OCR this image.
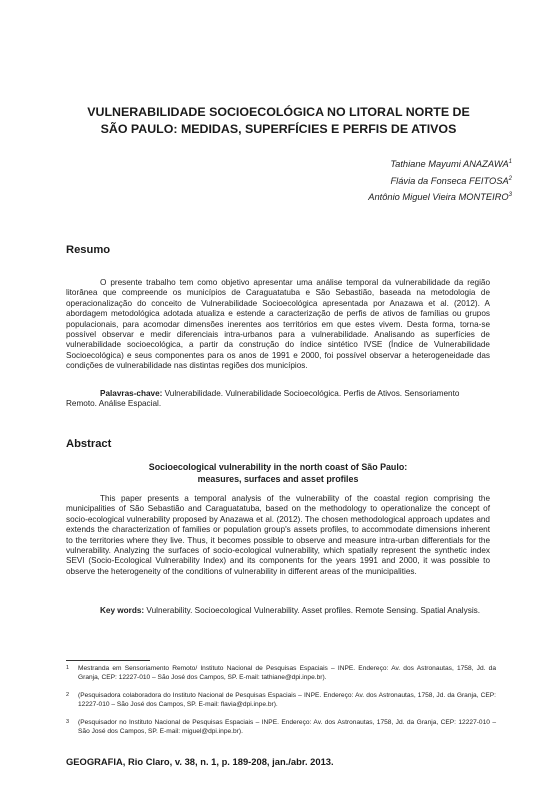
VULNERABILIDADE SOCIOECOLÓGICA NO LITORAL NORTE DE
SÃO PAULO: MEDIDAS, SUPERFÍCIES E PERFIS DE ATIVOS
Tathiane Mayumi ANAZAWA$^1$
Flávia da Fonseca FEITOSA$^2$
Antônio Miguel Vieira MONTEIRO$^3$
Resumo

O presente trabalho tem como objetivo apresentar uma análise temporal da vulnerabilidade da região litorânea que compreende os municípios de Caraguatatuba e São Sebastião, baseada na metodologia de operacionalização do conceito de Vulnerabilidade Socioecológica apresentada por Anazawa et al. (2012). A abordagem metodológica adotada atualiza e estende a caracterização de perfis de ativos de famílias ou grupos populacionais, para acomodar dimensões inerentes aos territórios em que estes vivem. Desta forma, torna-se possível observar e medir diferenciais intra-urbanos para a vulnerabilidade. Analisando as superfícies de vulnerabilidade socioecológica, a partir da construção do índice sintético IVSE (Índice de Vulnerabilidade Socioecológica) e seus componentes para os anos de 1991 e 2000, foi possível observar a heterogeneidade das condições de vulnerabilidade nas distintas regiões dos municípios.

Palavras-chave: Vulnerabilidade. Vulnerabilidade Socioecológica. Perfis de Ativos. Sensoriamento Remoto. Análise Espacial.

Abstract
Socioecological vulnerability in the north coast of São Paulo:
measures, surfaces and asset profiles

This paper presents a temporal analysis of the vulnerability of the coastal region comprising the municipalities of São Sebastião and Caraguatatuba, based on the methodology to operationalize the concept of socio-ecological vulnerability proposed by Anazawa et al. (2012). The chosen methodological approach updates and extends the characterization of families or population group's assets profiles, to accommodate dimensions inherent to the territories where they live. Thus, it becomes possible to observe and measure intra-urban differentials for the vulnerability. Analyzing the surfaces of socio-ecological vulnerability, which spatially represent the synthetic index SEVI (Socio-Ecological Vulnerability Index) and its components for the years 1991 and 2000, it was possible to observe the heterogeneity of the conditions of vulnerability in different areas of the municipalities.

Key words: Vulnerability. Socioecological Vulnerability. Asset profiles. Remote Sensing. Spatial Analysis.

1 Mestranda em Sensoriamento Remoto/ Instituto Nacional de Pesquisas Espaciais – INPE. Endereço: Av. dos Astronautas, 1758, Jd. da Granja, CEP: 12227-010 – São José dos Campos, SP. E-mail: tathiane@dpi.inpe.br).
2 (Pesquisadora colaboradora do Instituto Nacional de Pesquisas Espaciais – INPE. Endereço: Av. dos Astronautas, 1758, Jd. da Granja, CEP: 12227-010 – São José dos Campos, SP. E-mail: flavia@dpi.inpe.br).
3 (Pesquisador no Instituto Nacional de Pesquisas Espaciais – INPE. Endereço: Av. dos Astronautas, 1758, Jd. da Granja, CEP: 12227-010 – São José dos Campos, SP. E-mail: miguel@dpi.inpe.br).
GEOGRAFIA, Rio Claro, v. 38, n. 1, p. 189-208, jan./abr. 2013.
